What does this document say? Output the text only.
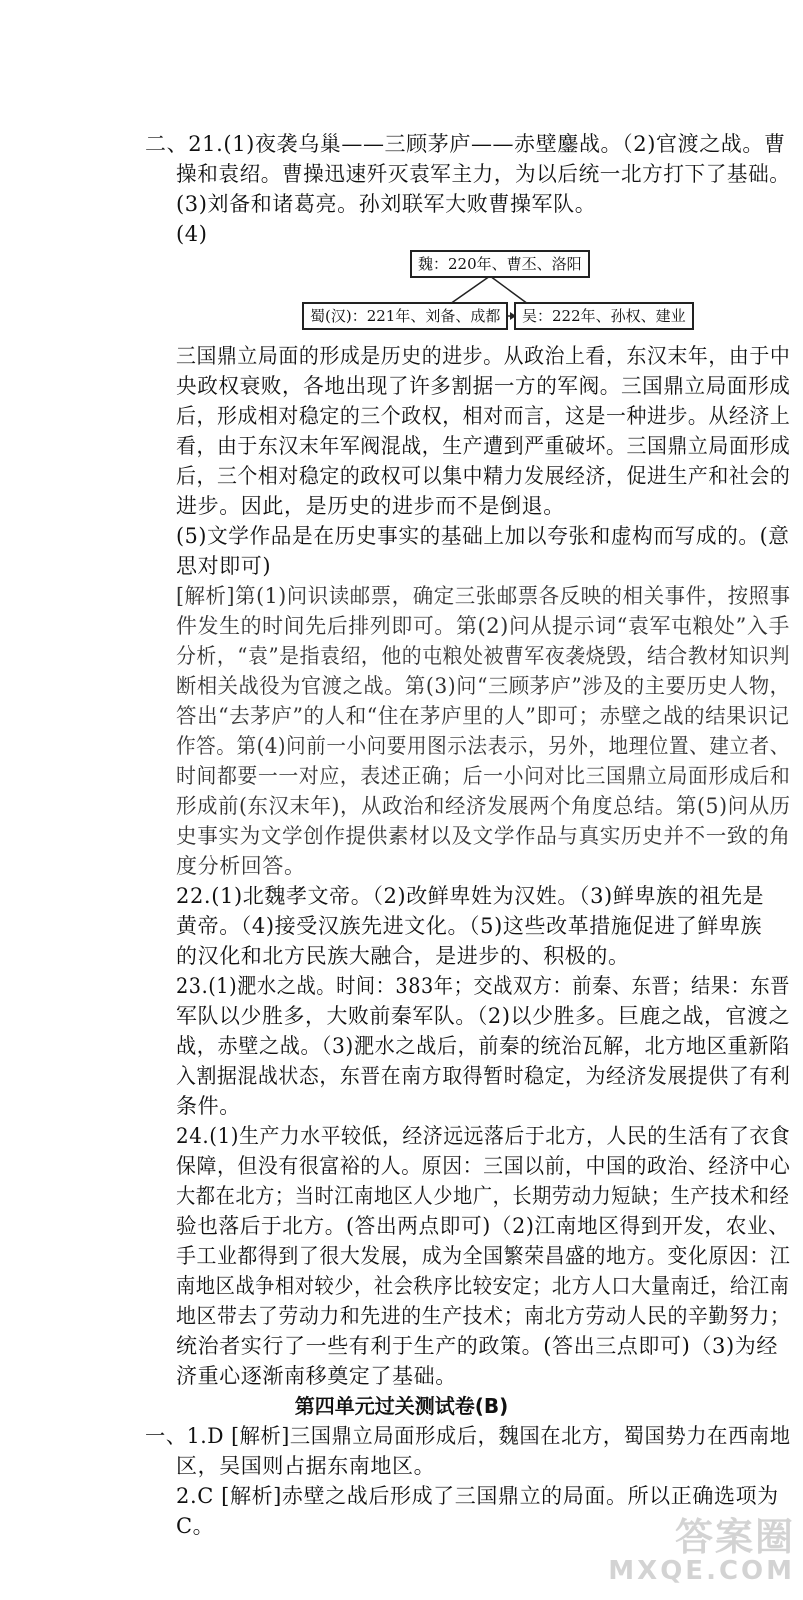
二、21.(1)夜袭乌巢——三顾茅庐——赤壁鏖战。（2)官渡之战。曹
操和袁绍。曹操迅速歼灭袁军主力，为以后统一北方打下了基础。
(3)刘备和诸葛亮。孙刘联军大败曹操军队。
(4)
魏：220年、曹丕、洛阳
蜀(汉)：221年、刘备、成都	吴：222年、孙权、建业
三国鼎立局面的形成是历史的进步。从政治上看，东汉末年，由于中
央政权衰败，各地出现了许多割据一方的军阀。三国鼎立局面形成
后，形成相对稳定的三个政权，相对而言，这是一种进步。从经济上
看，由于东汉末年军阀混战，生产遭到严重破坏。三国鼎立局面形成
后，三个相对稳定的政权可以集中精力发展经济，促进生产和社会的
进步。因此，是历史的进步而不是倒退。
(5)文学作品是在历史事实的基础上加以夸张和虚构而写成的。(意
思对即可)
[解析]第(1)问识读邮票，确定三张邮票各反映的相关事件，按照事
件发生的时间先后排列即可。第(2)问从提示词“袁军屯粮处”入手
分析，“袁”是指袁绍，他的屯粮处被曹军夜袭烧毁，结合教材知识判
断相关战役为官渡之战。第(3)问“三顾茅庐”涉及的主要历史人物，
答出“去茅庐”的人和“住在茅庐里的人”即可；赤壁之战的结果识记
作答。第(4)问前一小问要用图示法表示，另外，地理位置、建立者、
时间都要一一对应，表述正确；后一小问对比三国鼎立局面形成后和
形成前(东汉末年)，从政治和经济发展两个角度总结。第(5)问从历
史事实为文学创作提供素材以及文学作品与真实历史并不一致的角
度分析回答。
22.(1)北魏孝文帝。（2)改鲜卑姓为汉姓。（3)鲜卑族的祖先是
黄帝。（4)接受汉族先进文化。（5)这些改革措施促进了鲜卑族
的汉化和北方民族大融合，是进步的、积极的。
23.(1)淝水之战。时间：383年；交战双方：前秦、东晋；结果：东晋
军队以少胜多，大败前秦军队。（2)以少胜多。巨鹿之战，官渡之
战，赤壁之战。（3)淝水之战后，前秦的统治瓦解，北方地区重新陷
入割据混战状态，东晋在南方取得暂时稳定，为经济发展提供了有利
条件。
24.(1)生产力水平较低，经济远远落后于北方，人民的生活有了衣食
保障，但没有很富裕的人。原因：三国以前，中国的政治、经济中心
大都在北方；当时江南地区人少地广，长期劳动力短缺；生产技术和经
验也落后于北方。(答出两点即可)（2)江南地区得到开发，农业、
手工业都得到了很大发展，成为全国繁荣昌盛的地方。变化原因：江
南地区战争相对较少，社会秩序比较安定；北方人口大量南迁，给江南
地区带去了劳动力和先进的生产技术；南北方劳动人民的辛勤努力；
统治者实行了一些有利于生产的政策。(答出三点即可)（3)为经
济重心逐渐南移奠定了基础。
第四单元过关测试卷(B)
一、1.D [解析]三国鼎立局面形成后，魏国在北方，蜀国势力在西南地
区，吴国则占据东南地区。
2.C [解析]赤壁之战后形成了三国鼎立的局面。所以正确选项为
C。	答案圈
MXQE.COM
